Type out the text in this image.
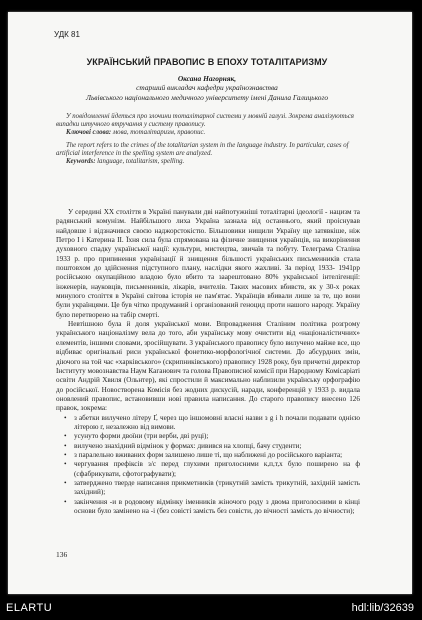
УДК 81
УКРАЇНСЬКИЙ ПРАВОПИС В ЕПОХУ ТОТАЛІТАРИЗМУ
Оксана Нагорняк,
старший викладач кафедри українознавства
Львівського національного медичного університету імені Данила Галицького

У повідомленні йдеться про злочини тоталітарної системи у мовній галузі. Зокрема аналізуються випадки штучного втручання у систему правопису.

Ключові слова: мова, тоталітаризм, правопис.

The report refers to the crimes of the totalitarian system in the language industry. In particular, cases of artificial interference in the spelling system are analyzed.

Keywords: language, totalitarism, spelling.

У середині ХХ століття в Україні панували дві найпотужніші тоталітарні ідеології - нацизм та радянський комунізм. Найбільшого лиха Україна зазнала від останнього, який проіснував найдовше і відзначився своєю наджорстокістю. Більшовики нищили Україну ще затявкіше, ніж Петро І і Катерина ІІ. Їхня сила була спрямована на фізичне знищення українців, на викорінення духовного спадку української нації: культури, мистецтва, звичаїв та побуту. Телеграма Сталіна 1933 р. про припинення українізації й знищення більшості українських письменників стала поштовхом до здійснення підступного плану, наслідки якого жахливі. За період 1933- 1941рр російською окупаційною владою було вбито та заарештовано 80% української інтелігенції: інженерів, науковців, письменників, лікарів, вчителів. Таких масових вбивств, як у 30-х роках минулого століття в Україні світова історія не пам'ятає. Українців вбивали лише за те, що вони були українцями. Це був чітко продуманий і організований геноцид проти нашого народу. Україну було перетворено на табір смерті.

Невтішною була й доля української мови. Впровадження Сталіним політика розгрому українського націоналізму вела до того, аби українську мову очистити від «націоналістичних» елементів, іншими словами, зросійщувати. З українського правопису було вилучено майже все, що відбиває оригінальні риси української фонетико-морфологічної системи. До абсурдних змін, діючого на той час «харківського» (скрипниківського) правопису 1928 року, був причетні директор Інституту мовознавства Наум Каганович та голова Правописної комісії при Народному Комісаріаті освіти Андрій Хвиля (Ольнтер), які спростили й максимально наблизили українську орфографію до російської. Новостворена Комісія без жодних дискусій, наради, конференцій у 1933 р. видала оновлений правопис, встановивши нові правила написання. До старого правопису внесено 126 правок, зокрема:

• з абетки вилучено літеру Ґ, через що іншомовні власні назви з g і h почали подавати однією літерою г, незалежно від вимови.
• усунуто форми двоїни (три верби, дві руці);
• вилучено знахідний відмінок у формах: дивився на хлопці, бачу студенти;
• з паралельно вживаних форм залишено лише ті, що наближені до російського варіанта;
• чергування префіксів з/с перед глухими приголосними к,п,т,х було поширено на ф (сфабрикувати, сфотографувати);
• затверджено тверде написання прикметників (трикутній замість трикутній, західній замість західний);
• закінчення -и в родовому відмінку іменників жіночого роду з двома приголосними в кінці основи було замінено на -і (без совісті замість без совісти, до вічності замість до вічности);
136
ELARTU	hdl:lib/32639
